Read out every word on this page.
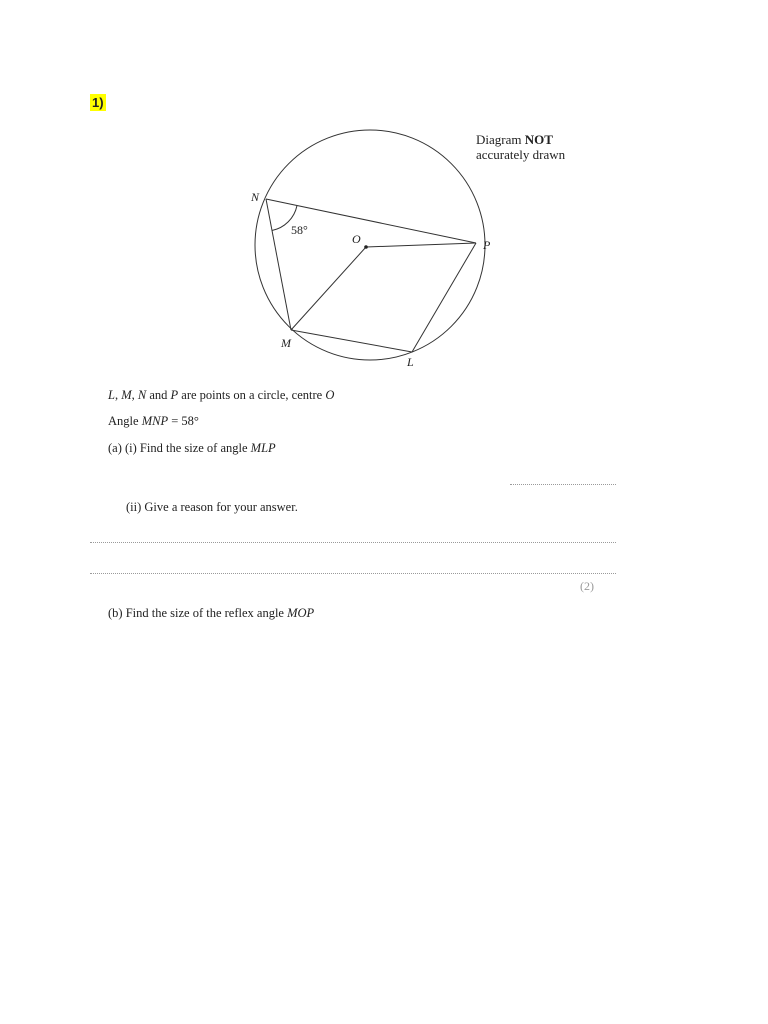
1)
Diagram NOT
accurately drawn
N
O	P
M
L
58°
L, M, N and P are points on a circle, centre O
Angle MNP = 58°
(a) (i) Find the size of angle MLP
(ii) Give a reason for your answer.
(2)
(b) Find the size of the reflex angle MOP
